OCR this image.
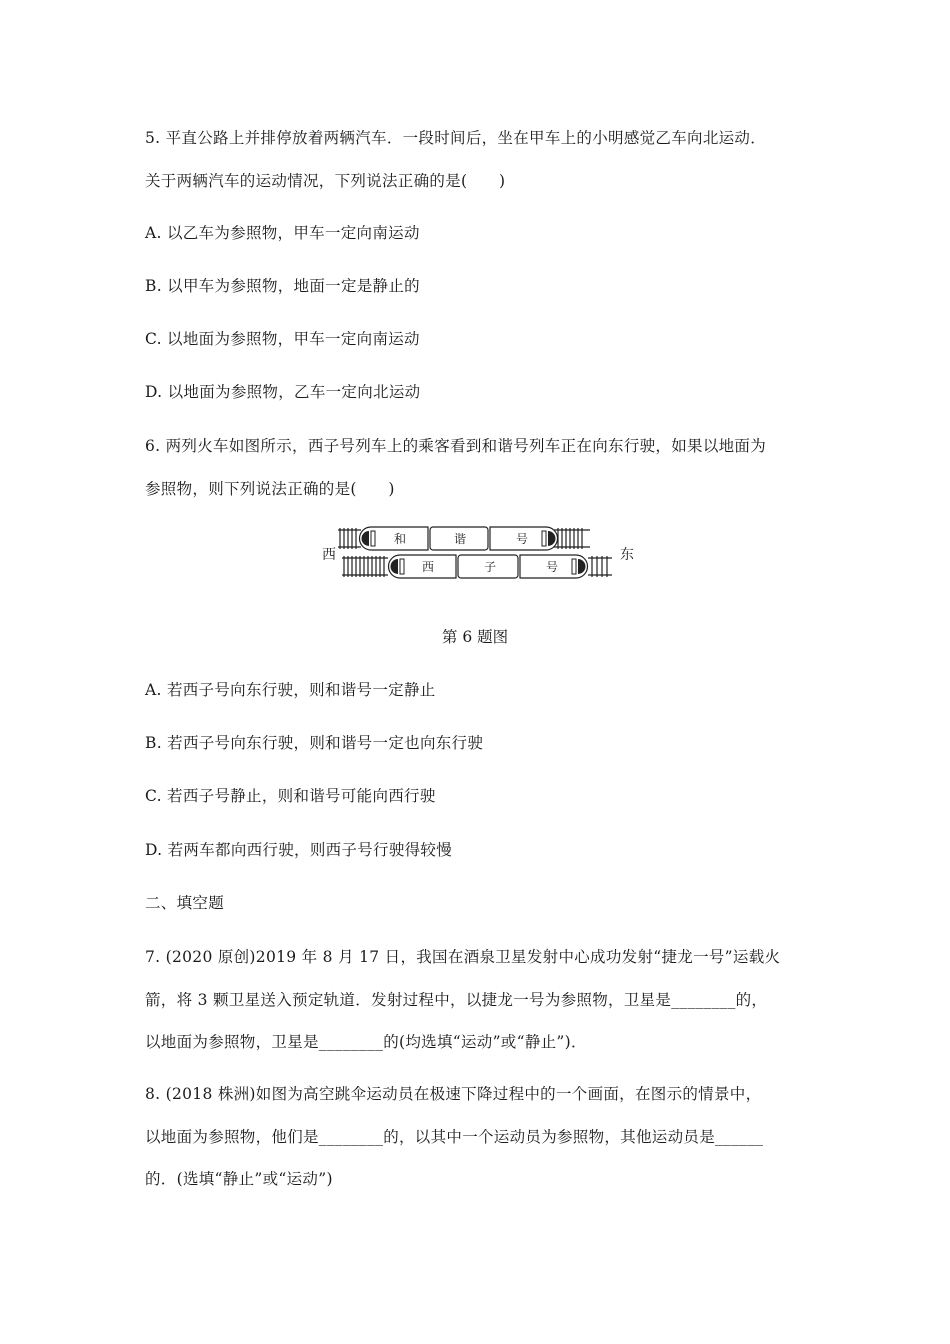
5. 平直公路上并排停放着两辆汽车．一段时间后，坐在甲车上的小明感觉乙车向北运动．
关于两辆汽车的运动情况，下列说法正确的是(　　)
A. 以乙车为参照物，甲车一定向南运动
B. 以甲车为参照物，地面一定是静止的
C. 以地面为参照物，甲车一定向南运动
D. 以地面为参照物，乙车一定向北运动
6. 两列火车如图所示，西子号列车上的乘客看到和谐号列车正在向东行驶，如果以地面为
参照物，则下列说法正确的是(　　)
西	东
和	谐	号
西	子	号
第 6 题图
A. 若西子号向东行驶，则和谐号一定静止
B. 若西子号向东行驶，则和谐号一定也向东行驶
C. 若西子号静止，则和谐号可能向西行驶
D. 若两车都向西行驶，则西子号行驶得较慢
二、填空题
7. (2020 原创)2019 年 8 月 17 日，我国在酒泉卫星发射中心成功发射“捷龙一号”运载火
箭，将 3 颗卫星送入预定轨道．发射过程中，以捷龙一号为参照物，卫星是________的，
以地面为参照物，卫星是________的(均选填“运动”或“静止”)．
8. (2018 株洲)如图为高空跳伞运动员在极速下降过程中的一个画面，在图示的情景中，
以地面为参照物，他们是________的，以其中一个运动员为参照物，其他运动员是______
的．(选填“静止”或“运动”)
